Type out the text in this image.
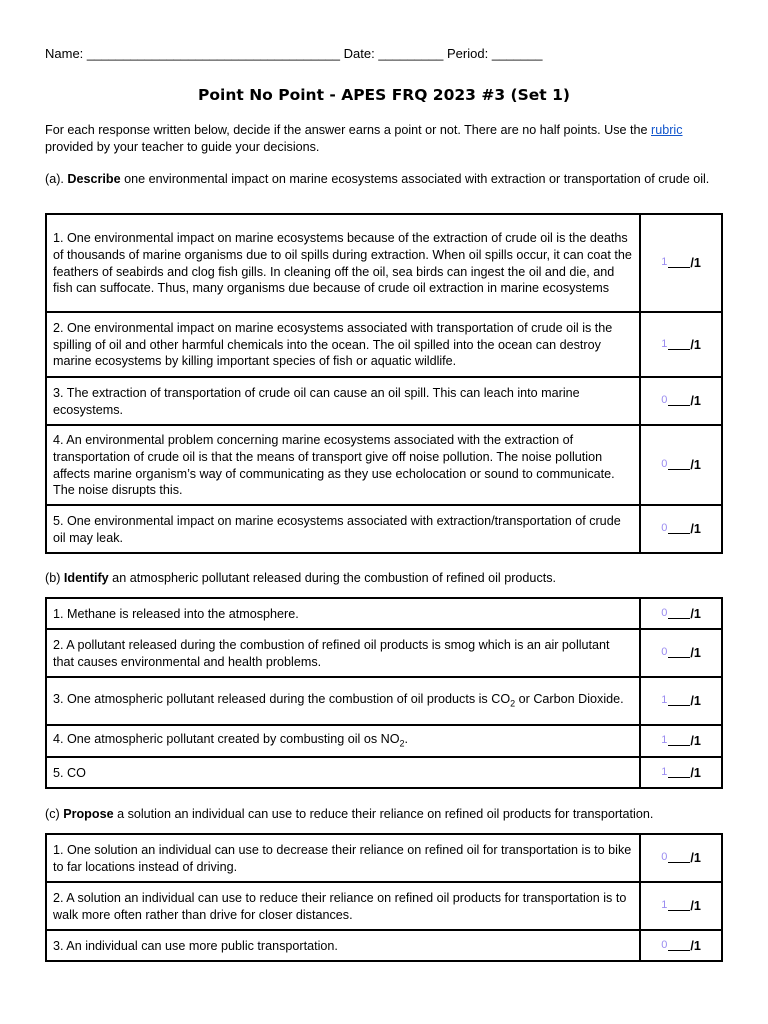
Name: ___________________________________ Date: _________ Period: _______
Point No Point - APES FRQ 2023 #3 (Set 1)
For each response written below, decide if the answer earns a point or not. There are no half points. Use the rubric provided by your teacher to guide your decisions.
(a). Describe one environmental impact on marine ecosystems associated with extraction or transportation of crude oil.
1. One environmental impact on marine ecosystems because of the extraction of crude oil is the deaths of thousands of marine organisms due to oil spills during extraction. When oil spills occur, it can coat the feathers of seabirds and clog fish gills. In cleaning off the oil, sea birds can ingest the oil and die, and fish can suffocate. Thus, many organisms due because of crude oil extraction in marine ecosystems	1 /1
2. One environmental impact on marine ecosystems associated with transportation of crude oil is the spilling of oil and other harmful chemicals into the ocean. The oil spilled into the ocean can destroy marine ecosystems by killing important species of fish or aquatic wildlife.	1 /1
3. The extraction of transportation of crude oil can cause an oil spill. This can leach into marine ecosystems.	0 /1
4. An environmental problem concerning marine ecosystems associated with the extraction of transportation of crude oil is that the means of transport give off noise pollution. The noise pollution affects marine organism’s way of communicating as they use echolocation or sound to communicate. The noise disrupts this.	0 /1
5. One environmental impact on marine ecosystems associated with extraction/transportation of crude oil may leak.	0 /1
(b) Identify an atmospheric pollutant released during the combustion of refined oil products.
1. Methane is released into the atmosphere.	0 /1
2. A pollutant released during the combustion of refined oil products is smog which is an air pollutant that causes environmental and health problems.	0 /1
3. One atmospheric pollutant released during the combustion of oil products is $CO_2$ or Carbon Dioxide.	1 /1
4. One atmospheric pollutant created by combusting oil os $NO_2$.	1 /1
5. CO	1 /1
(c) Propose a solution an individual can use to reduce their reliance on refined oil products for transportation.
1. One solution an individual can use to decrease their reliance on refined oil for transportation is to bike to far locations instead of driving.	0 /1
2. A solution an individual can use to reduce their reliance on refined oil products for transportation is to walk more often rather than drive for closer distances.	1 /1
3. An individual can use more public transportation.	0 /1
